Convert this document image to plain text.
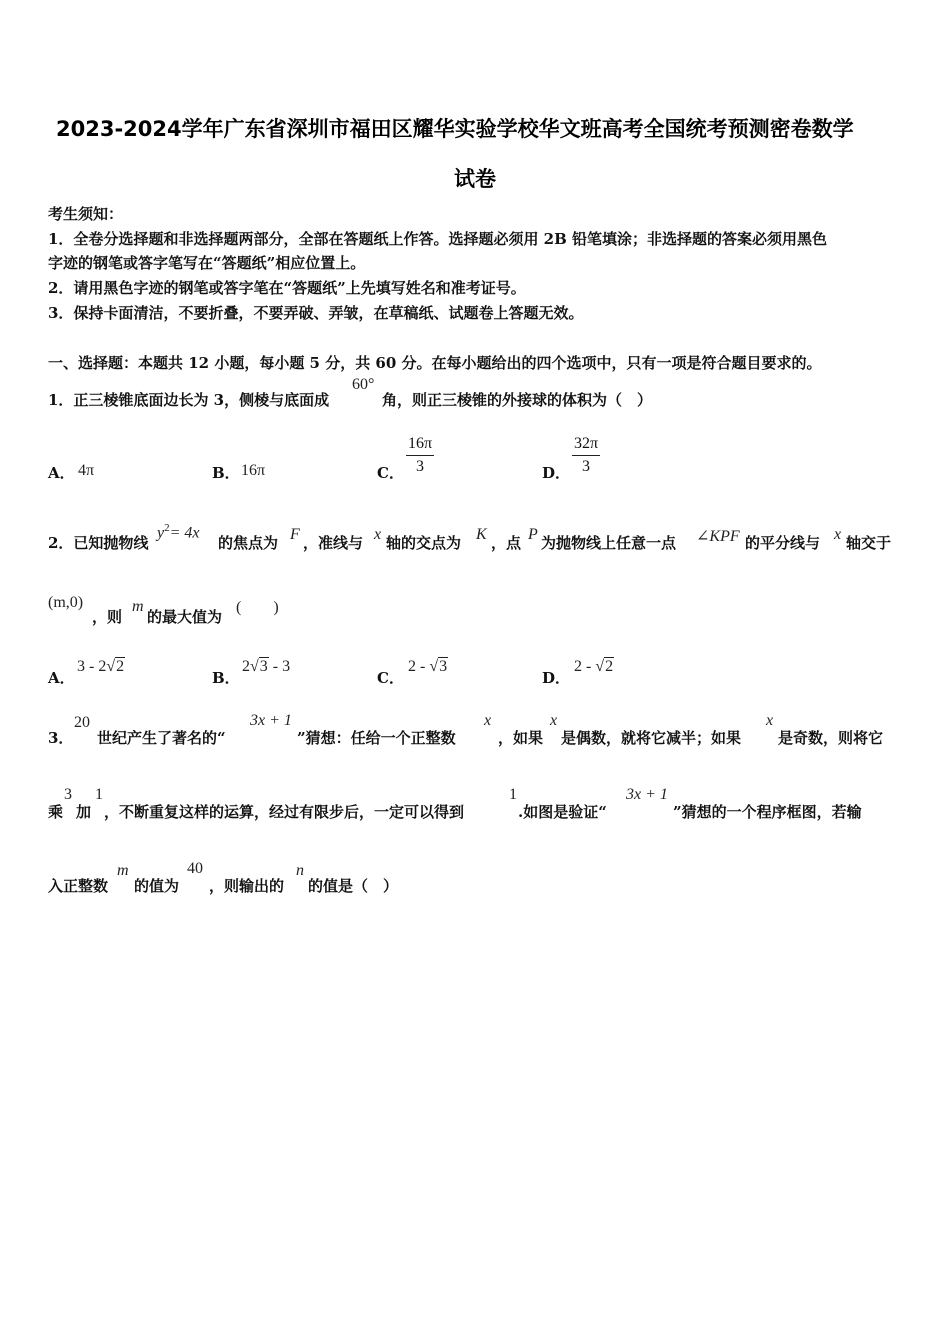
2023-2024学年广东省深圳市福田区耀华实验学校华文班高考全国统考预测密卷数学
试卷
考生须知：
1．全卷分选择题和非选择题两部分，全部在答题纸上作答。选择题必须用 2B 铅笔填涂；非选择题的答案必须用黑色
字迹的钢笔或答字笔写在“答题纸”相应位置上。
2．请用黑色字迹的钢笔或答字笔在“答题纸”上先填写姓名和准考证号。
3．保持卡面清洁，不要折叠，不要弄破、弄皱，在草稿纸、试题卷上答题无效。
一、选择题：本题共 12 小题，每小题 5 分，共 60 分。在每小题给出的四个选项中，只有一项是符合题目要求的。
1．正三棱锥底面边长为 3，侧棱与底面成
60°
角，则正三棱锥的外接球的体积为（　）
A． 4π	B． 16π	C． $\frac{16\pi}{3}$	D． $\frac{32\pi}{3}$
2．已知抛物线
$y^2= 4x$
的焦点为 F ，准线与 x 轴的交点为 K ，点 P 为抛物线上任意一点 ∠KPF 的平分线与 x 轴交于
(m,0)
，则
m
的最大值为
(　　)
A．
3 - 2√2
B．
2√3 - 3
C．
2 - √3
D．
2 - √2
3．
20
世纪产生了著名的“
3x + 1
”猜想：任给一个正整数
x
，如果
x
是偶数，就将它减半；如果
x
是奇数，则将它
乘
3
加
1
，不断重复这样的运算，经过有限步后，一定可以得到
1
.如图是验证“
3x + 1
”猜想的一个程序框图，若输
入正整数
m
的值为
40
，则输出的
n
的值是（　）
